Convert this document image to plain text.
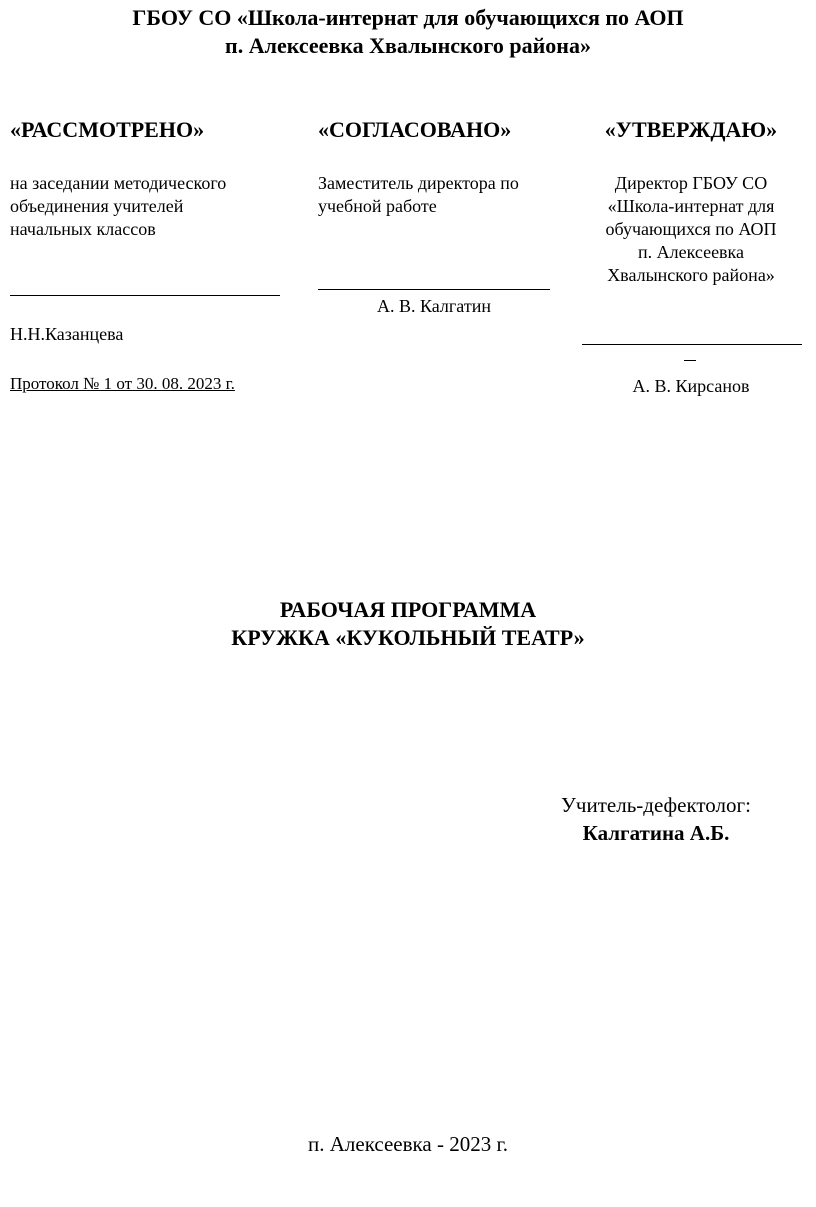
ГБОУ СО «Школа-интернат для обучающихся по АОП
п. Алексеевка Хвалынского района»
«РАССМОТРЕНО»
на заседании методического
объединения учителей
начальных классов
Н.Н.Казанцева
Протокол № 1 от 30. 08. 2023 г.
«СОГЛАСОВАНО»
Заместитель директора по
учебной работе
А. В. Калгатин
«УТВЕРЖДАЮ»
Директор ГБОУ СО
«Школа-интернат для
обучающихся по АОП
п. Алексеевка
Хвалынского района»
А. В. Кирсанов
РАБОЧАЯ ПРОГРАММА
КРУЖКА «КУКОЛЬНЫЙ ТЕАТР»
Учитель-дефектолог:
Калгатина А.Б.
п. Алексеевка - 2023 г.
